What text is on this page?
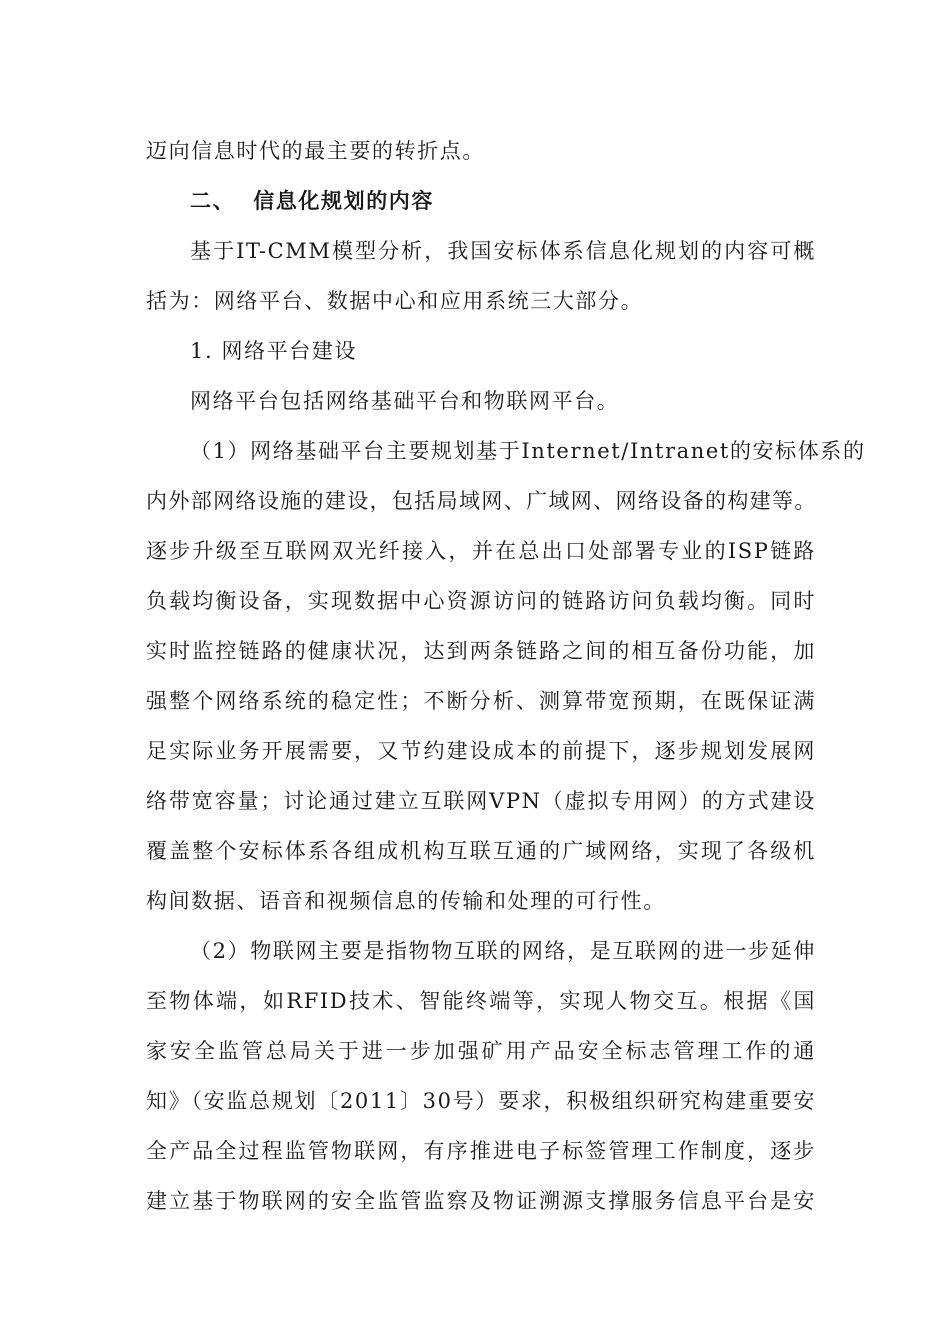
迈向信息时代的最主要的转折点。
二、 信息化规划的内容
基于IT-CMM模型分析，我国安标体系信息化规划的内容可概
括为：网络平台、数据中心和应用系统三大部分。
1. 网络平台建设
网络平台包括网络基础平台和物联网平台。
（1）网络基础平台主要规划基于Internet/Intranet的安标体系的
内外部网络设施的建设，包括局域网、广域网、网络设备的构建等。
逐步升级至互联网双光纤接入，并在总出口处部署专业的ISP链路
负载均衡设备，实现数据中心资源访问的链路访问负载均衡。同时
实时监控链路的健康状况，达到两条链路之间的相互备份功能，加
强整个网络系统的稳定性；不断分析、测算带宽预期，在既保证满
足实际业务开展需要，又节约建设成本的前提下，逐步规划发展网
络带宽容量；讨论通过建立互联网VPN（虚拟专用网）的方式建设
覆盖整个安标体系各组成机构互联互通的广域网络，实现了各级机
构间数据、语音和视频信息的传输和处理的可行性。
（2）物联网主要是指物物互联的网络，是互联网的进一步延伸
至物体端，如RFID技术、智能终端等，实现人物交互。根据《国
家安全监管总局关于进一步加强矿用产品安全标志管理工作的通
知》（安监总规划〔2011〕30号）要求，积极组织研究构建重要安
全产品全过程监管物联网，有序推进电子标签管理工作制度，逐步
建立基于物联网的安全监管监察及物证溯源支撑服务信息平台是安
